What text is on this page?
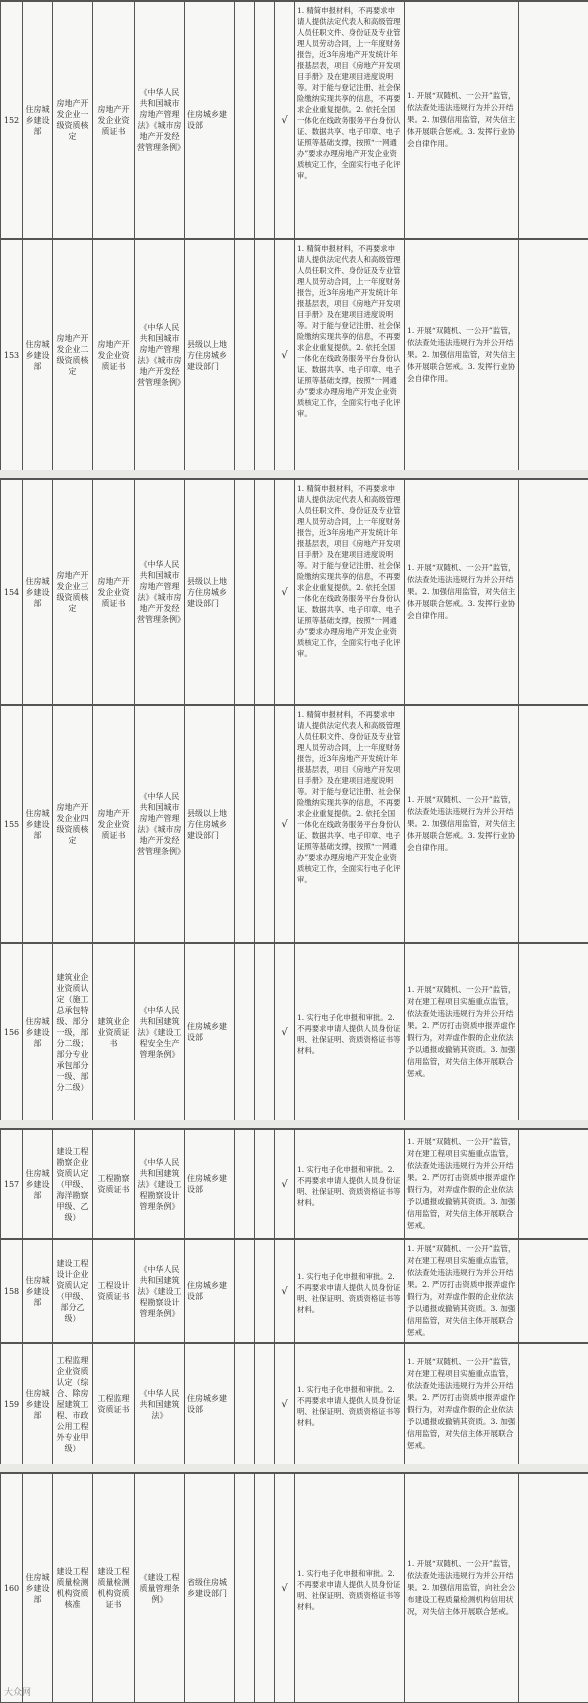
152	住房城乡建设部	房地产开发企业一级资质核定	房地产开发企业资质证书	《中华人民共和国城市房地产管理法》《城市房地产开发经营管理条例》	住房城乡建设部			√	1. 精简申报材料，不再要求申请人提供法定代表人和高级管理人员任职文件、身份证及专业管理人员劳动合同，上一年度财务报告，近3年房地产开发统计年报基层表，项目《房地产开发项目手册》及在建项目进度说明等。对于能与登记注册、社会保险缴纳实现共享的信息，不再要求企业重复提供。2. 依托全国一体化在线政务服务平台身份认证、数据共享、电子印章、电子证照等基础支撑，按照“一网通办”要求办理房地产开发企业资质核定工作，全面实行电子化评审。	1. 开展“双随机、一公开”监管，依法查处违法违规行为并公开结果。2. 加强信用监管，对失信主体开展联合惩戒。3. 发挥行业协会自律作用。	
153	住房城乡建设部	房地产开发企业二级资质核定	房地产开发企业资质证书	《中华人民共和国城市房地产管理法》《城市房地产开发经营管理条例》	县级以上地方住房城乡建设部门			√	1. 精简申报材料，不再要求申请人提供法定代表人和高级管理人员任职文件、身份证及专业管理人员劳动合同，上一年度财务报告，近3年房地产开发统计年报基层表，项目《房地产开发项目手册》及在建项目进度说明等。对于能与登记注册、社会保险缴纳实现共享的信息，不再要求企业重复提供。2. 依托全国一体化在线政务服务平台身份认证、数据共享、电子印章、电子证照等基础支撑，按照“一网通办”要求办理房地产开发企业资质核定工作，全面实行电子化评审。	1. 开展“双随机、一公开”监管，依法查处违法违规行为并公开结果。2. 加强信用监管，对失信主体开展联合惩戒。3. 发挥行业协会自律作用。	
154	住房城乡建设部	房地产开发企业三级资质核定	房地产开发企业资质证书	《中华人民共和国城市房地产管理法》《城市房地产开发经营管理条例》	县级以上地方住房城乡建设部门			√	1. 精简申报材料，不再要求申请人提供法定代表人和高级管理人员任职文件、身份证及专业管理人员劳动合同，上一年度财务报告，近3年房地产开发统计年报基层表，项目《房地产开发项目手册》及在建项目进度说明等。对于能与登记注册、社会保险缴纳实现共享的信息，不再要求企业重复提供。2. 依托全国一体化在线政务服务平台身份认证、数据共享、电子印章、电子证照等基础支撑，按照“一网通办”要求办理房地产开发企业资质核定工作，全面实行电子化评审。	1. 开展“双随机、一公开”监管，依法查处违法违规行为并公开结果。2. 加强信用监管，对失信主体开展联合惩戒。3. 发挥行业协会自律作用。	
155	住房城乡建设部	房地产开发企业四级资质核定	房地产开发企业资质证书	《中华人民共和国城市房地产管理法》《城市房地产开发经营管理条例》	县级以上地方住房城乡建设部门			√	1. 精简申报材料，不再要求申请人提供法定代表人和高级管理人员任职文件、身份证及专业管理人员劳动合同，上一年度财务报告，近3年房地产开发统计年报基层表，项目《房地产开发项目手册》及在建项目进度说明等。对于能与登记注册、社会保险缴纳实现共享的信息，不再要求企业重复提供。2. 依托全国一体化在线政务服务平台身份认证、数据共享、电子印章、电子证照等基础支撑，按照“一网通办”要求办理房地产开发企业资质核定工作，全面实行电子化评审。	1. 开展“双随机、一公开”监管，依法查处违法违规行为并公开结果。2. 加强信用监管，对失信主体开展联合惩戒。3. 发挥行业协会自律作用。	
156	住房城乡建设部	建筑业企业资质认定（施工总承包特级、部分一级，部分二级；部分专业承包部分一级、部分二级）	建筑业企业资质证书	《中华人民共和国建筑法》《建设工程安全生产管理条例》	住房城乡建设部			√	1. 实行电子化申报和审批。2. 不再要求申请人提供人员身份证明、社保证明、资质资格证书等材料。	1. 开展“双随机、一公开”监管，对在建工程项目实施重点监管，依法查处违法违规行为并公开结果。2. 严厉打击资质申报弄虚作假行为，对弄虚作假的企业依法予以通报或撤销其资质。3. 加强信用监管，对失信主体开展联合惩戒。	
157	住房城乡建设部	建设工程勘察企业资质认定（甲级、海洋勘察甲级、乙级）	工程勘察资质证书	《中华人民共和国建筑法》《建设工程勘察设计管理条例》	住房城乡建设部			√	1. 实行电子化申报和审批。2. 不再要求申请人提供人员身份证明、社保证明、资质资格证书等材料。	1. 开展“双随机、一公开”监管，对在建工程项目实施重点监管，依法查处违法违规行为并公开结果。2. 严厉打击资质申报弄虚作假行为，对弄虚作假的企业依法予以通报或撤销其资质。3. 加强信用监管，对失信主体开展联合惩戒。	
158	住房城乡建设部	建设工程设计企业资质认定（甲级、部分乙级）	工程设计资质证书	《中华人民共和国建筑法》《建设工程勘察设计管理条例》	住房城乡建设部			√	1. 实行电子化申报和审批。2. 不再要求申请人提供人员身份证明、社保证明、资质资格证书等材料。	1. 开展“双随机、一公开”监管，对在建工程项目实施重点监管，依法查处违法违规行为并公开结果。2. 严厉打击资质申报弄虚作假行为，对弄虚作假的企业依法予以通报或撤销其资质。3. 加强信用监管，对失信主体开展联合惩戒。	
159	住房城乡建设部	工程监理企业资质认定（综合、除房屋建筑工程、市政公用工程外专业甲级）	工程监理资质证书	《中华人民共和国建筑法》	住房城乡建设部			√	1. 实行电子化申报和审批。2. 不再要求申请人提供人员身份证明、社保证明、资质资格证书等材料。	1. 开展“双随机、一公开”监管，对在建工程项目实施重点监管，依法查处违法违规行为并公开结果。2. 严厉打击资质申报弄虚作假行为，对弄虚作假的企业依法予以通报或撤销其资质。3. 加强信用监管，对失信主体开展联合惩戒。	
160	住房城乡建设部	建设工程质量检测机构资质核准	建设工程质量检测机构资质证书	《建设工程质量管理条例》	省级住房城乡建设部门			√	1. 实行电子化申报和审批。2. 不再要求申请人提供人员身份证明、社保证明、资质资格证书等材料。	1. 开展“双随机、一公开”监管，依法查处违法违规行为并公开结果。2. 加强信用监管，向社会公布建设工程质量检测机构信用状况，对失信主体开展联合惩戒。	
大众网
